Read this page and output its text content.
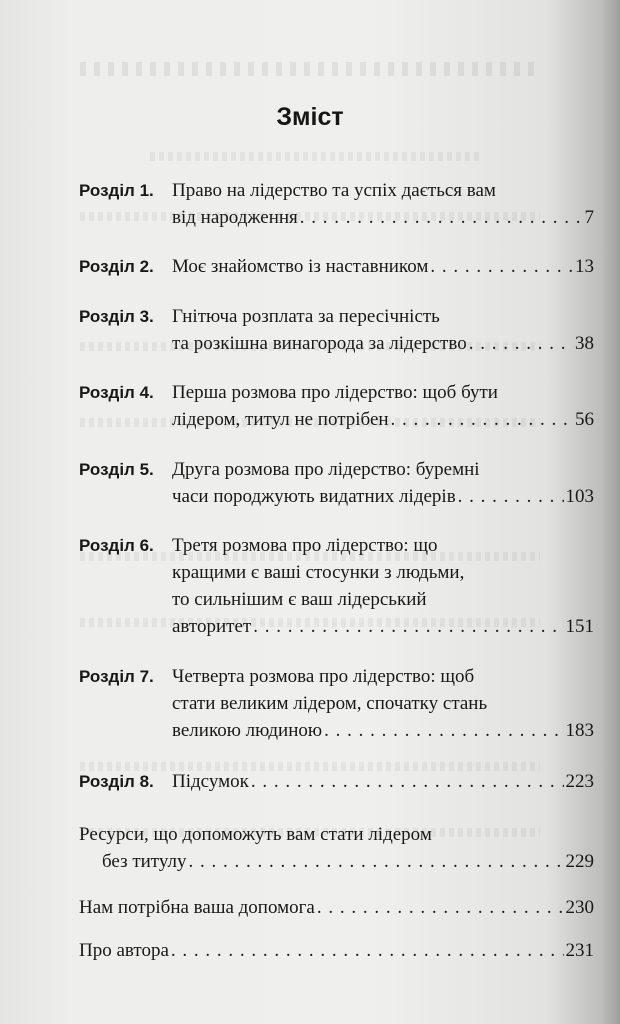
Зміст
Розділ 1. Право на лідерство та успіх дається вам
від народження . . .	7
Розділ 2. Моє знайомство із наставником . . .	13
Розділ 3. Гнітюча розплата за пересічність
та розкішна винагорода за лідерство . . .	38
Розділ 4. Перша розмова про лідерство: щоб бути
лідером, титул не потрібен . . .	56
Розділ 5. Друга розмова про лідерство: буремні
часи породжують видатних лідерів . . .	103
Розділ 6. Третя розмова про лідерство: що
кращими є ваші стосунки з людьми,
то сильнішим є ваш лідерський
авторитет . . .	151
Розділ 7. Четверта розмова про лідерство: щоб
стати великим лідером, спочатку стань
великою людиною . . .	183
Розділ 8. Підсумок . . .	223
Ресурси, що допоможуть вам стати лідером
без титулу . . .	229
Нам потрібна ваша допомога . . .	230
Про автора . . .	231
